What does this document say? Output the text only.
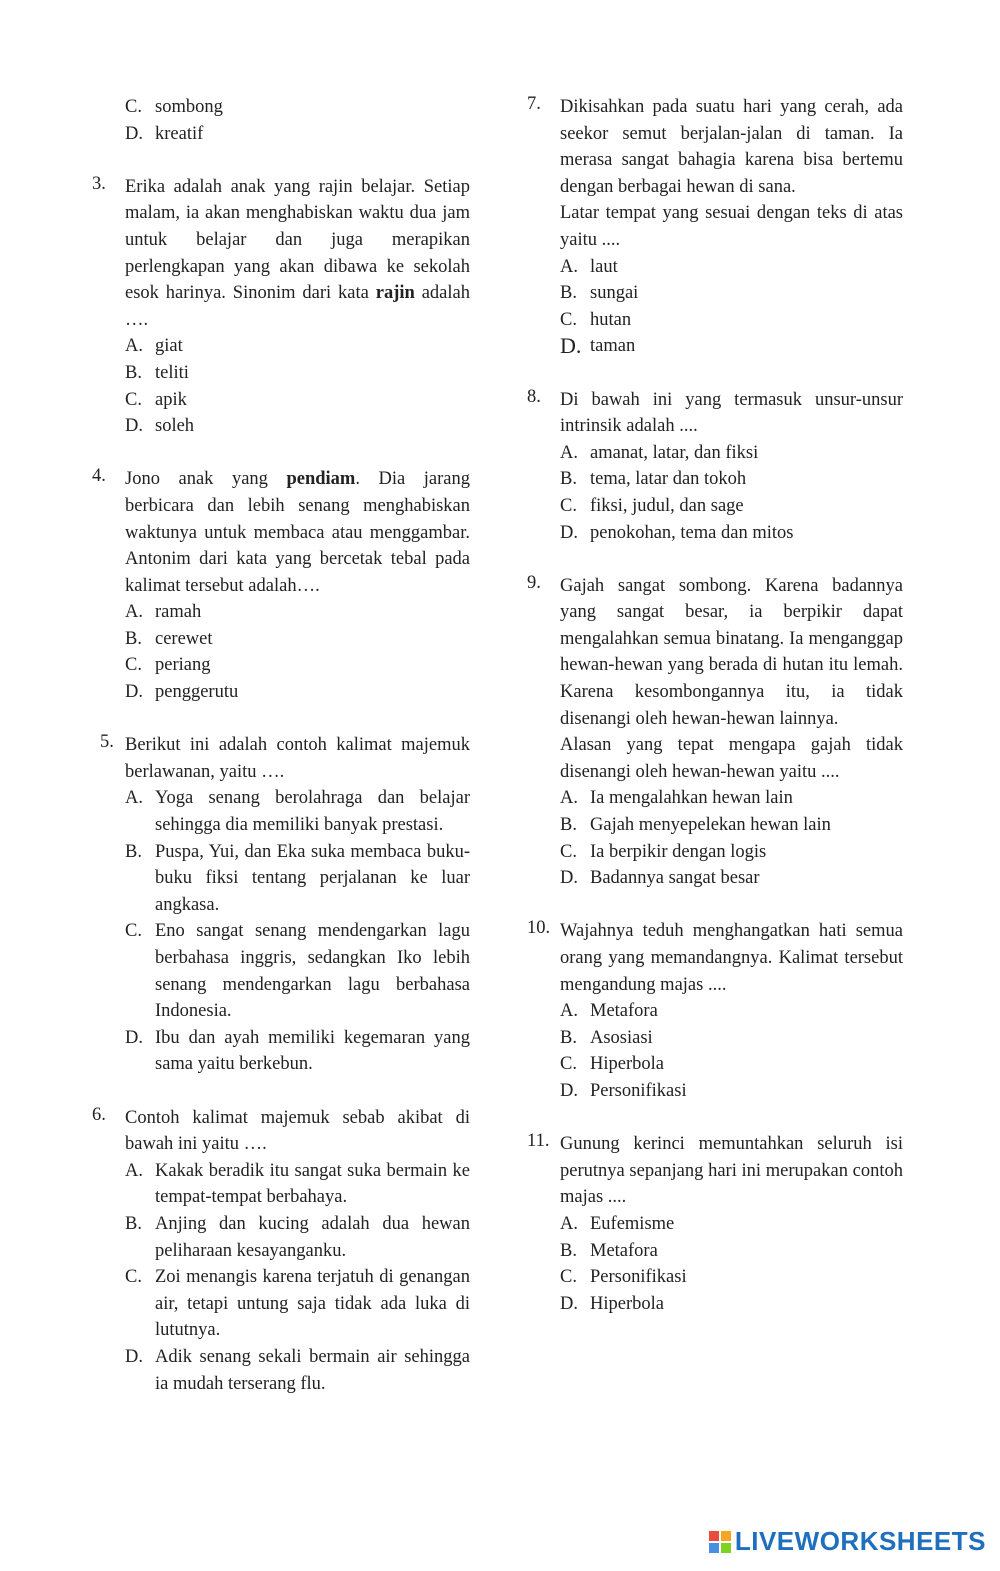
C. sombong
D. kreatif
3.	Erika adalah anak yang rajin belajar. Setiap malam, ia akan menghabiskan waktu dua jam untuk belajar dan juga merapikan perlengkapan yang akan dibawa ke sekolah esok harinya. Sinonim dari kata rajin adalah ….
A. giat
B. teliti
C. apik
D. soleh
4.	Jono anak yang pendiam. Dia jarang berbicara dan lebih senang menghabiskan waktunya untuk membaca atau menggambar. Antonim dari kata yang bercetak tebal pada kalimat tersebut adalah….
A. ramah
B. cerewet
C. periang
D. penggerutu
5. Berikut ini adalah contoh kalimat majemuk berlawanan, yaitu ….
A. Yoga senang berolahraga dan belajar sehingga dia memiliki banyak prestasi.
B. Puspa, Yui, dan Eka suka membaca buku-buku fiksi tentang perjalanan ke luar angkasa.
C. Eno sangat senang mendengarkan lagu berbahasa inggris, sedangkan Iko lebih senang mendengarkan lagu berbahasa Indonesia.
D. Ibu dan ayah memiliki kegemaran yang sama yaitu berkebun.
6.	Contoh kalimat majemuk sebab akibat di bawah ini yaitu ….
A. Kakak beradik itu sangat suka bermain ke tempat-tempat berbahaya.
B. Anjing dan kucing adalah dua hewan peliharaan kesayanganku.
C. Zoi menangis karena terjatuh di genangan air, tetapi untung saja tidak ada luka di lututnya.
D. Adik senang sekali bermain air sehingga ia mudah terserang flu.
7.	Dikisahkan pada suatu hari yang cerah, ada seekor semut berjalan-jalan di taman. Ia merasa sangat bahagia karena bisa bertemu dengan berbagai hewan di sana.
Latar tempat yang sesuai dengan teks di atas yaitu ....
A. laut
B. sungai
C. hutan
D. taman
8.	Di bawah ini yang termasuk unsur-unsur intrinsik adalah ....
A. amanat, latar, dan fiksi
B. tema, latar dan tokoh
C. fiksi, judul, dan sage
D. penokohan, tema dan mitos
9.	Gajah sangat sombong. Karena badannya yang sangat besar, ia berpikir dapat mengalahkan semua binatang. Ia menganggap hewan-hewan yang berada di hutan itu lemah. Karena kesombongannya itu, ia tidak disenangi oleh hewan-hewan lainnya.
Alasan yang tepat mengapa gajah tidak disenangi oleh hewan-hewan yaitu ....
A. Ia mengalahkan hewan lain
B. Gajah menyepelekan hewan lain
C. Ia berpikir dengan logis
D. Badannya sangat besar
10. Wajahnya teduh menghangatkan hati semua orang yang memandangnya. Kalimat tersebut mengandung majas ....
A. Metafora
B. Asosiasi
C. Hiperbola
D. Personifikasi
11. Gunung kerinci memuntahkan seluruh isi perutnya sepanjang hari ini merupakan contoh majas ....
A. Eufemisme
B. Metafora
C. Personifikasi
D. Hiperbola
LIVEWORKSHEETS
